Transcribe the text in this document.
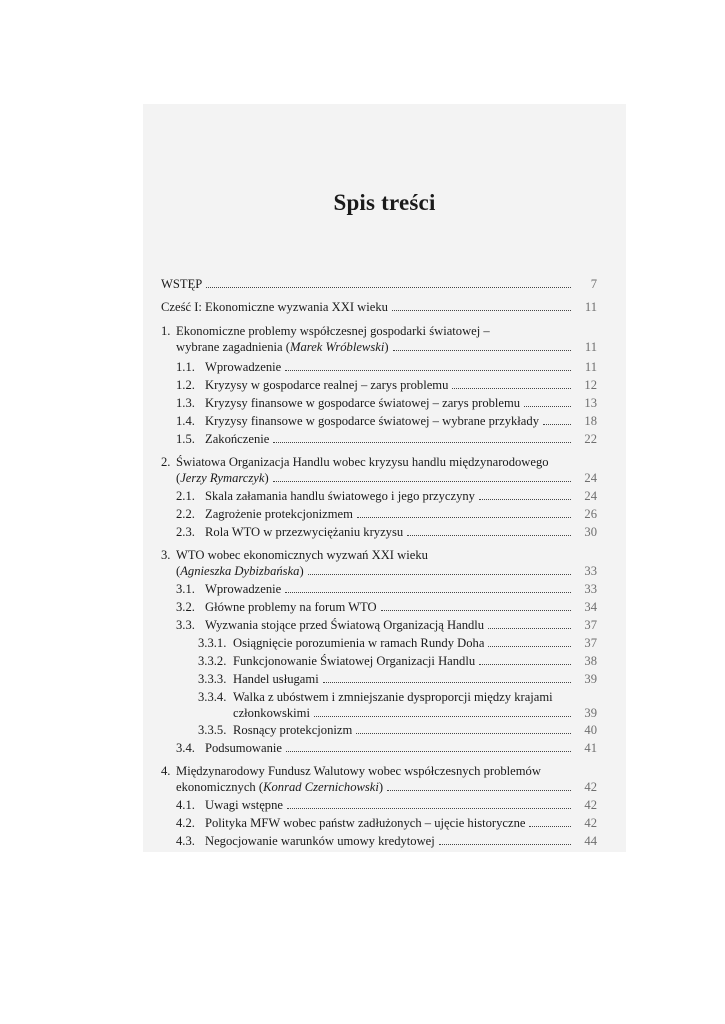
Spis treści
WSTĘP	7
Cześć I: Ekonomiczne wyzwania XXI wieku	11
1. Ekonomiczne problemy współczesnej gospodarki światowej –
wybrane zagadnienia (Marek Wróblewski)	11
1.1. Wprowadzenie	11
1.2. Kryzysy w gospodarce realnej – zarys problemu	12
1.3. Kryzysy finansowe w gospodarce światowej – zarys problemu	13
1.4. Kryzysy finansowe w gospodarce światowej – wybrane przykłady	18
1.5. Zakończenie	22
2. Światowa Organizacja Handlu wobec kryzysu handlu międzynarodowego
(Jerzy Rymarczyk)	24
2.1. Skala załamania handlu światowego i jego przyczyny	24
2.2. Zagrożenie protekcjonizmem	26
2.3. Rola WTO w przezwyciężaniu kryzysu	30
3. WTO wobec ekonomicznych wyzwań XXI wieku
(Agnieszka Dybizbańska)	33
3.1. Wprowadzenie	33
3.2. Główne problemy na forum WTO	34
3.3. Wyzwania stojące przed Światową Organizacją Handlu	37
3.3.1. Osiągnięcie porozumienia w ramach Rundy Doha	37
3.3.2. Funkcjonowanie Światowej Organizacji Handlu	38
3.3.3. Handel usługami	39
3.3.4. Walka z ubóstwem i zmniejszanie dysproporcji między krajami
członkowskimi	39
3.3.5. Rosnący protekcjonizm	40
3.4. Podsumowanie	41
4. Międzynarodowy Fundusz Walutowy wobec współczesnych problemów
ekonomicznych (Konrad Czernichowski)	42
4.1. Uwagi wstępne	42
4.2. Polityka MFW wobec państw zadłużonych – ujęcie historyczne	42
4.3. Negocjowanie warunków umowy kredytowej	44
